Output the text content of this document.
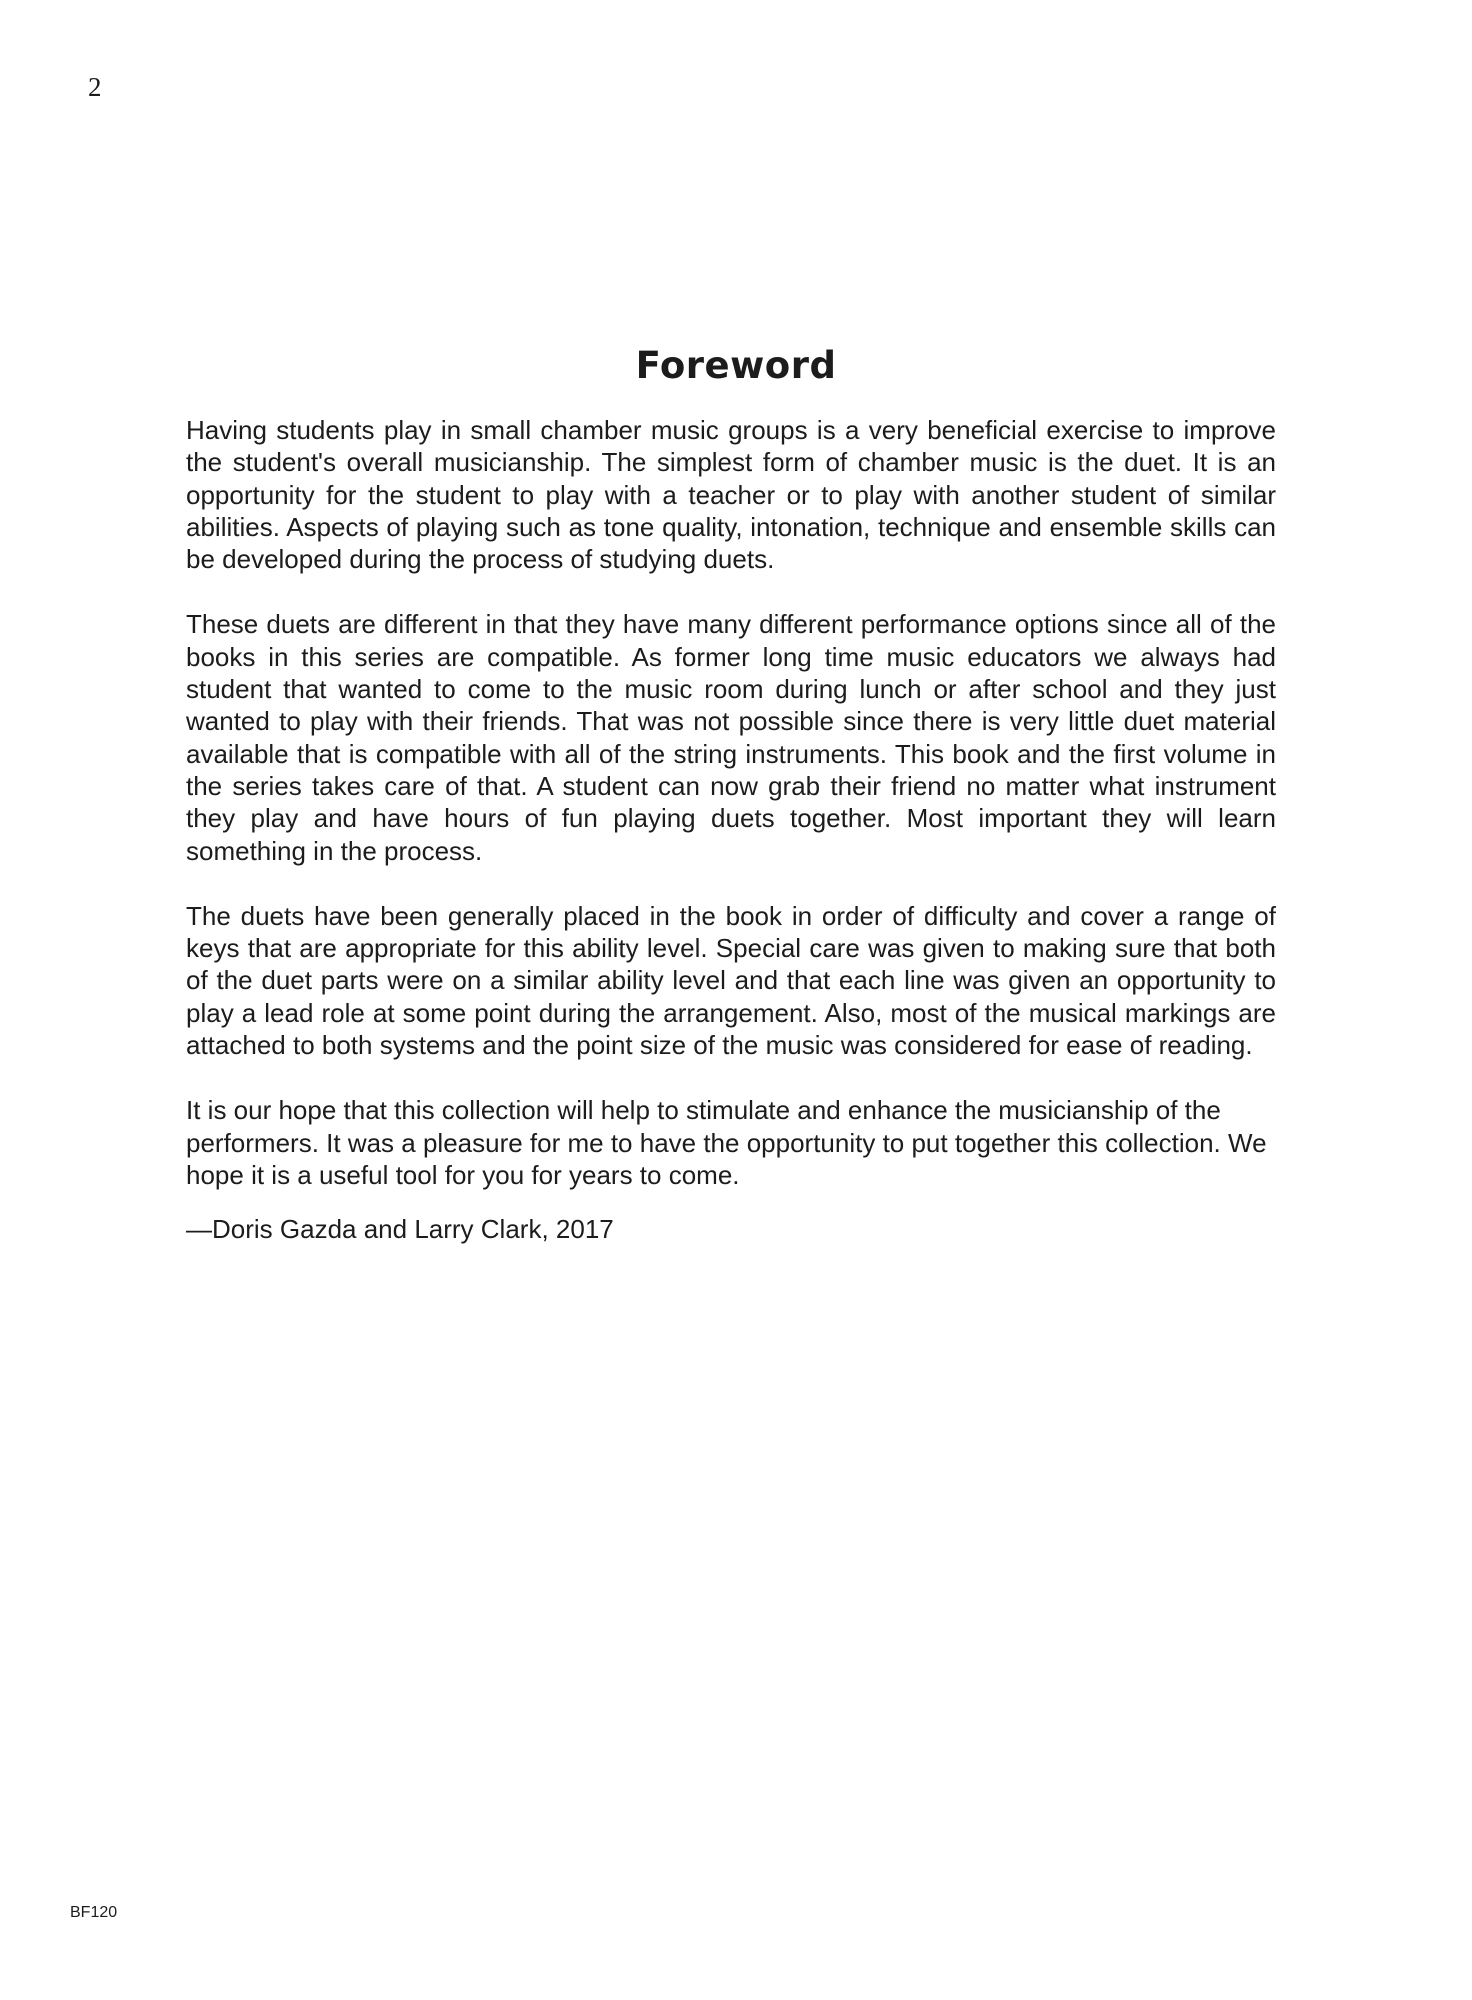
2
Foreword

Having students play in small chamber music groups is a very beneficial exercise to improve the student's overall musicianship. The simplest form of chamber music is the duet. It is an opportunity for the student to play with a teacher or to play with another student of similar abilities. Aspects of playing such as tone quality, intonation, technique and ensemble skills can be developed during the process of studying duets.

These duets are different in that they have many different performance options since all of the books in this series are compatible. As former long time music educators we always had student that wanted to come to the music room during lunch or after school and they just wanted to play with their friends. That was not possible since there is very little duet material available that is compatible with all of the string instruments. This book and the first volume in the series takes care of that. A student can now grab their friend no matter what instrument they play and have hours of fun playing duets together. Most important they will learn something in the process.

The duets have been generally placed in the book in order of difficulty and cover a range of keys that are appropriate for this ability level. Special care was given to making sure that both of the duet parts were on a similar ability level and that each line was given an opportunity to play a lead role at some point during the arrangement. Also, most of the musical markings are attached to both systems and the point size of the music was considered for ease of reading.

It is our hope that this collection will help to stimulate and enhance the musicianship of the performers. It was a pleasure for me to have the opportunity to put together this collection. We hope it is a useful tool for you for years to come.

—Doris Gazda and Larry Clark, 2017

BF120
